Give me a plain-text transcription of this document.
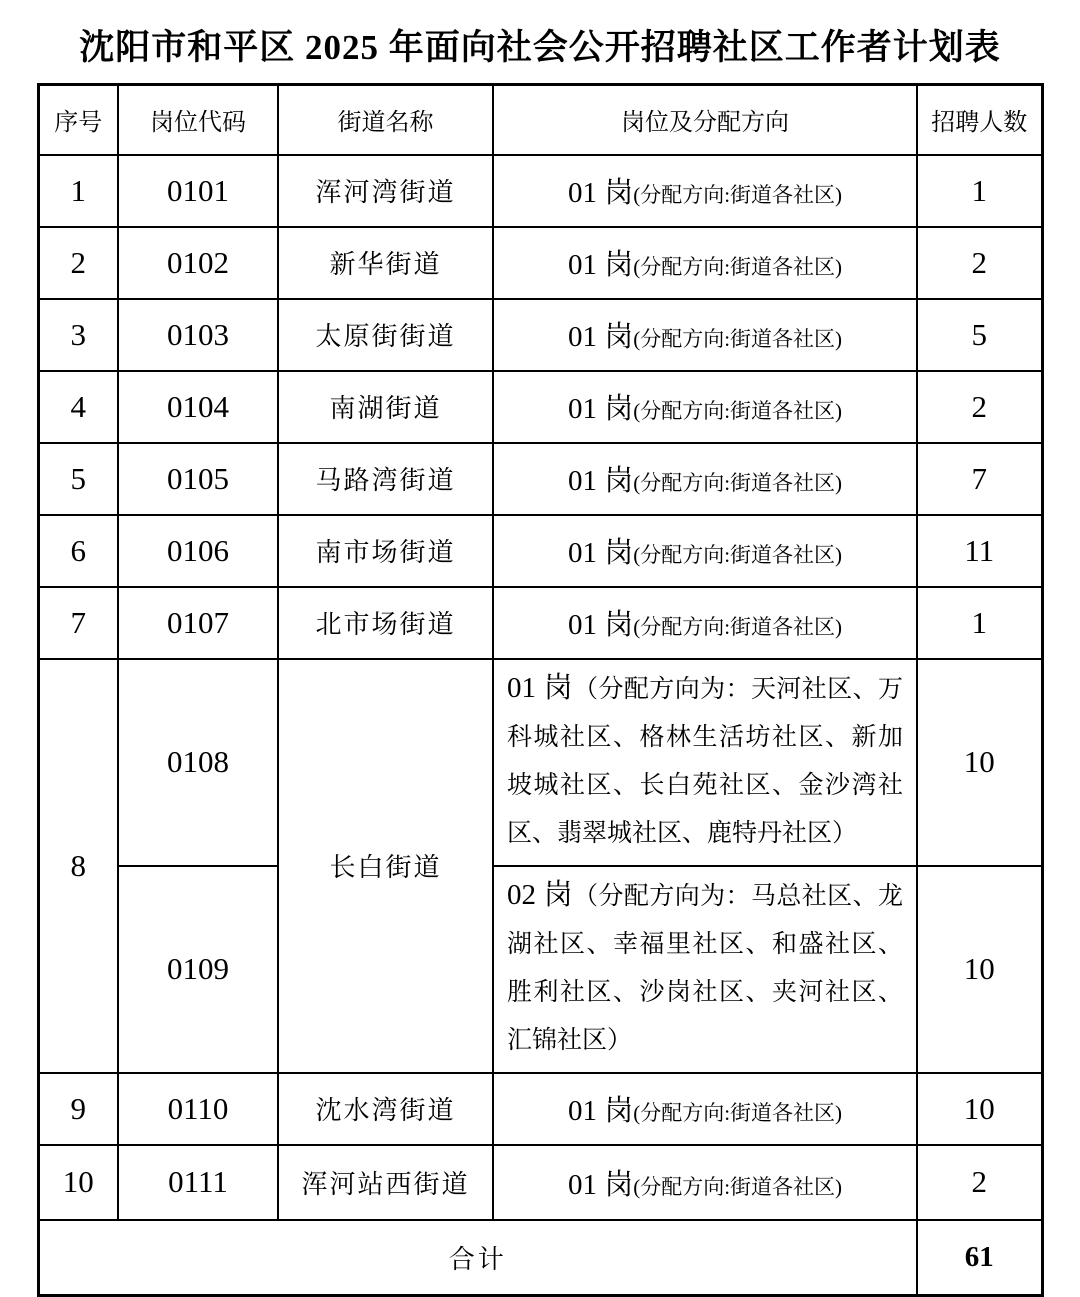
沈阳市和平区 2025 年面向社会公开招聘社区工作者计划表
序号	岗位代码	街道名称	岗位及分配方向	招聘人数
1	0101	浑河湾街道	01 岗(分配方向:街道各社区)	1
2	0102	新华街道	01 岗(分配方向:街道各社区)	2
3	0103	太原街街道	01 岗(分配方向:街道各社区)	5
4	0104	南湖街道	01 岗(分配方向:街道各社区)	2
5	0105	马路湾街道	01 岗(分配方向:街道各社区)	7
6	0106	南市场街道	01 岗(分配方向:街道各社区)	11
7	0107	北市场街道	01 岗(分配方向:街道各社区)	1
8	0108	长白街道	01 岗（分配方向为：天河社区、万科城社区、格林生活坊社区、新加坡城社区、长白苑社区、金沙湾社区、翡翠城社区、鹿特丹社区）	10
	0109		02 岗（分配方向为：马总社区、龙湖社区、幸福里社区、和盛社区、胜利社区、沙岗社区、夹河社区、汇锦社区）	10
9	0110	沈水湾街道	01 岗(分配方向:街道各社区)	10
10	0111	浑河站西街道	01 岗(分配方向:街道各社区)	2
合计				61
